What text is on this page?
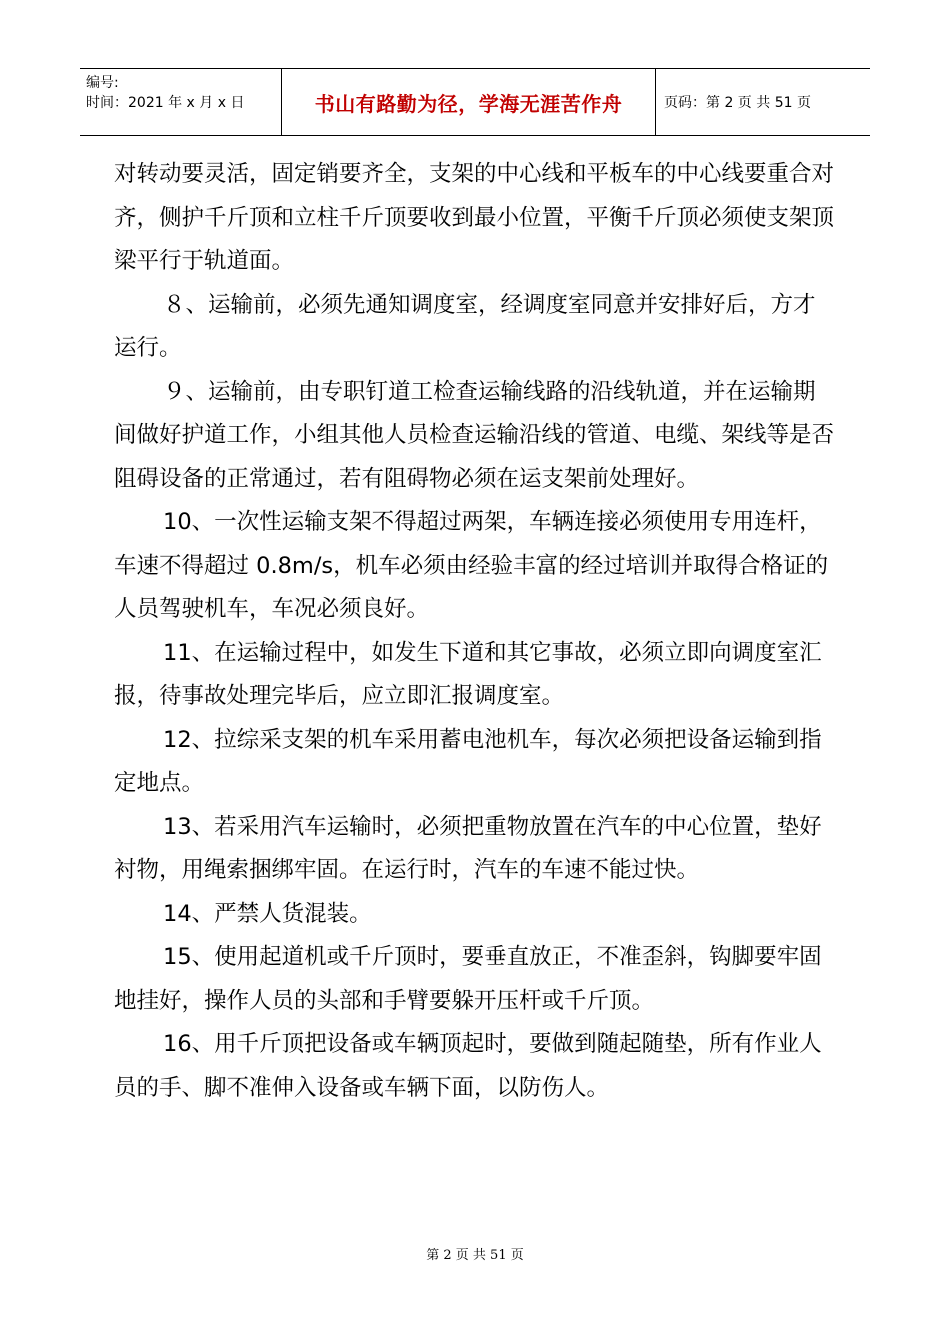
编号:
时间：2021 年 x 月 x 日	书山有路勤为径，学海无涯苦作舟	页码：第 2 页 共 51 页

对转动要灵活，固定销要齐全，支架的中心线和平板车的中心线要重合对齐，侧护千斤顶和立柱千斤顶要收到最小位置，平衡千斤顶必须使支架顶梁平行于轨道面。

８、运输前，必须先通知调度室，经调度室同意并安排好后，方才运行。

９、运输前，由专职钉道工检查运输线路的沿线轨道，并在运输期间做好护道工作，小组其他人员检查运输沿线的管道、电缆、架线等是否阻碍设备的正常通过，若有阻碍物必须在运支架前处理好。

10、一次性运输支架不得超过两架，车辆连接必须使用专用连杆，车速不得超过 0.8m/s，机车必须由经验丰富的经过培训并取得合格证的人员驾驶机车，车况必须良好。

11、在运输过程中，如发生下道和其它事故，必须立即向调度室汇报，待事故处理完毕后，应立即汇报调度室。

12、拉综采支架的机车采用蓄电池机车，每次必须把设备运输到指定地点。

13、若采用汽车运输时，必须把重物放置在汽车的中心位置，垫好衬物，用绳索捆绑牢固。在运行时，汽车的车速不能过快。

14、严禁人货混装。

15、使用起道机或千斤顶时，要垂直放正，不准歪斜，钩脚要牢固地挂好，操作人员的头部和手臂要躲开压杆或千斤顶。

16、用千斤顶把设备或车辆顶起时，要做到随起随垫，所有作业人员的手、脚不准伸入设备或车辆下面，以防伤人。

第 2 页 共 51 页
